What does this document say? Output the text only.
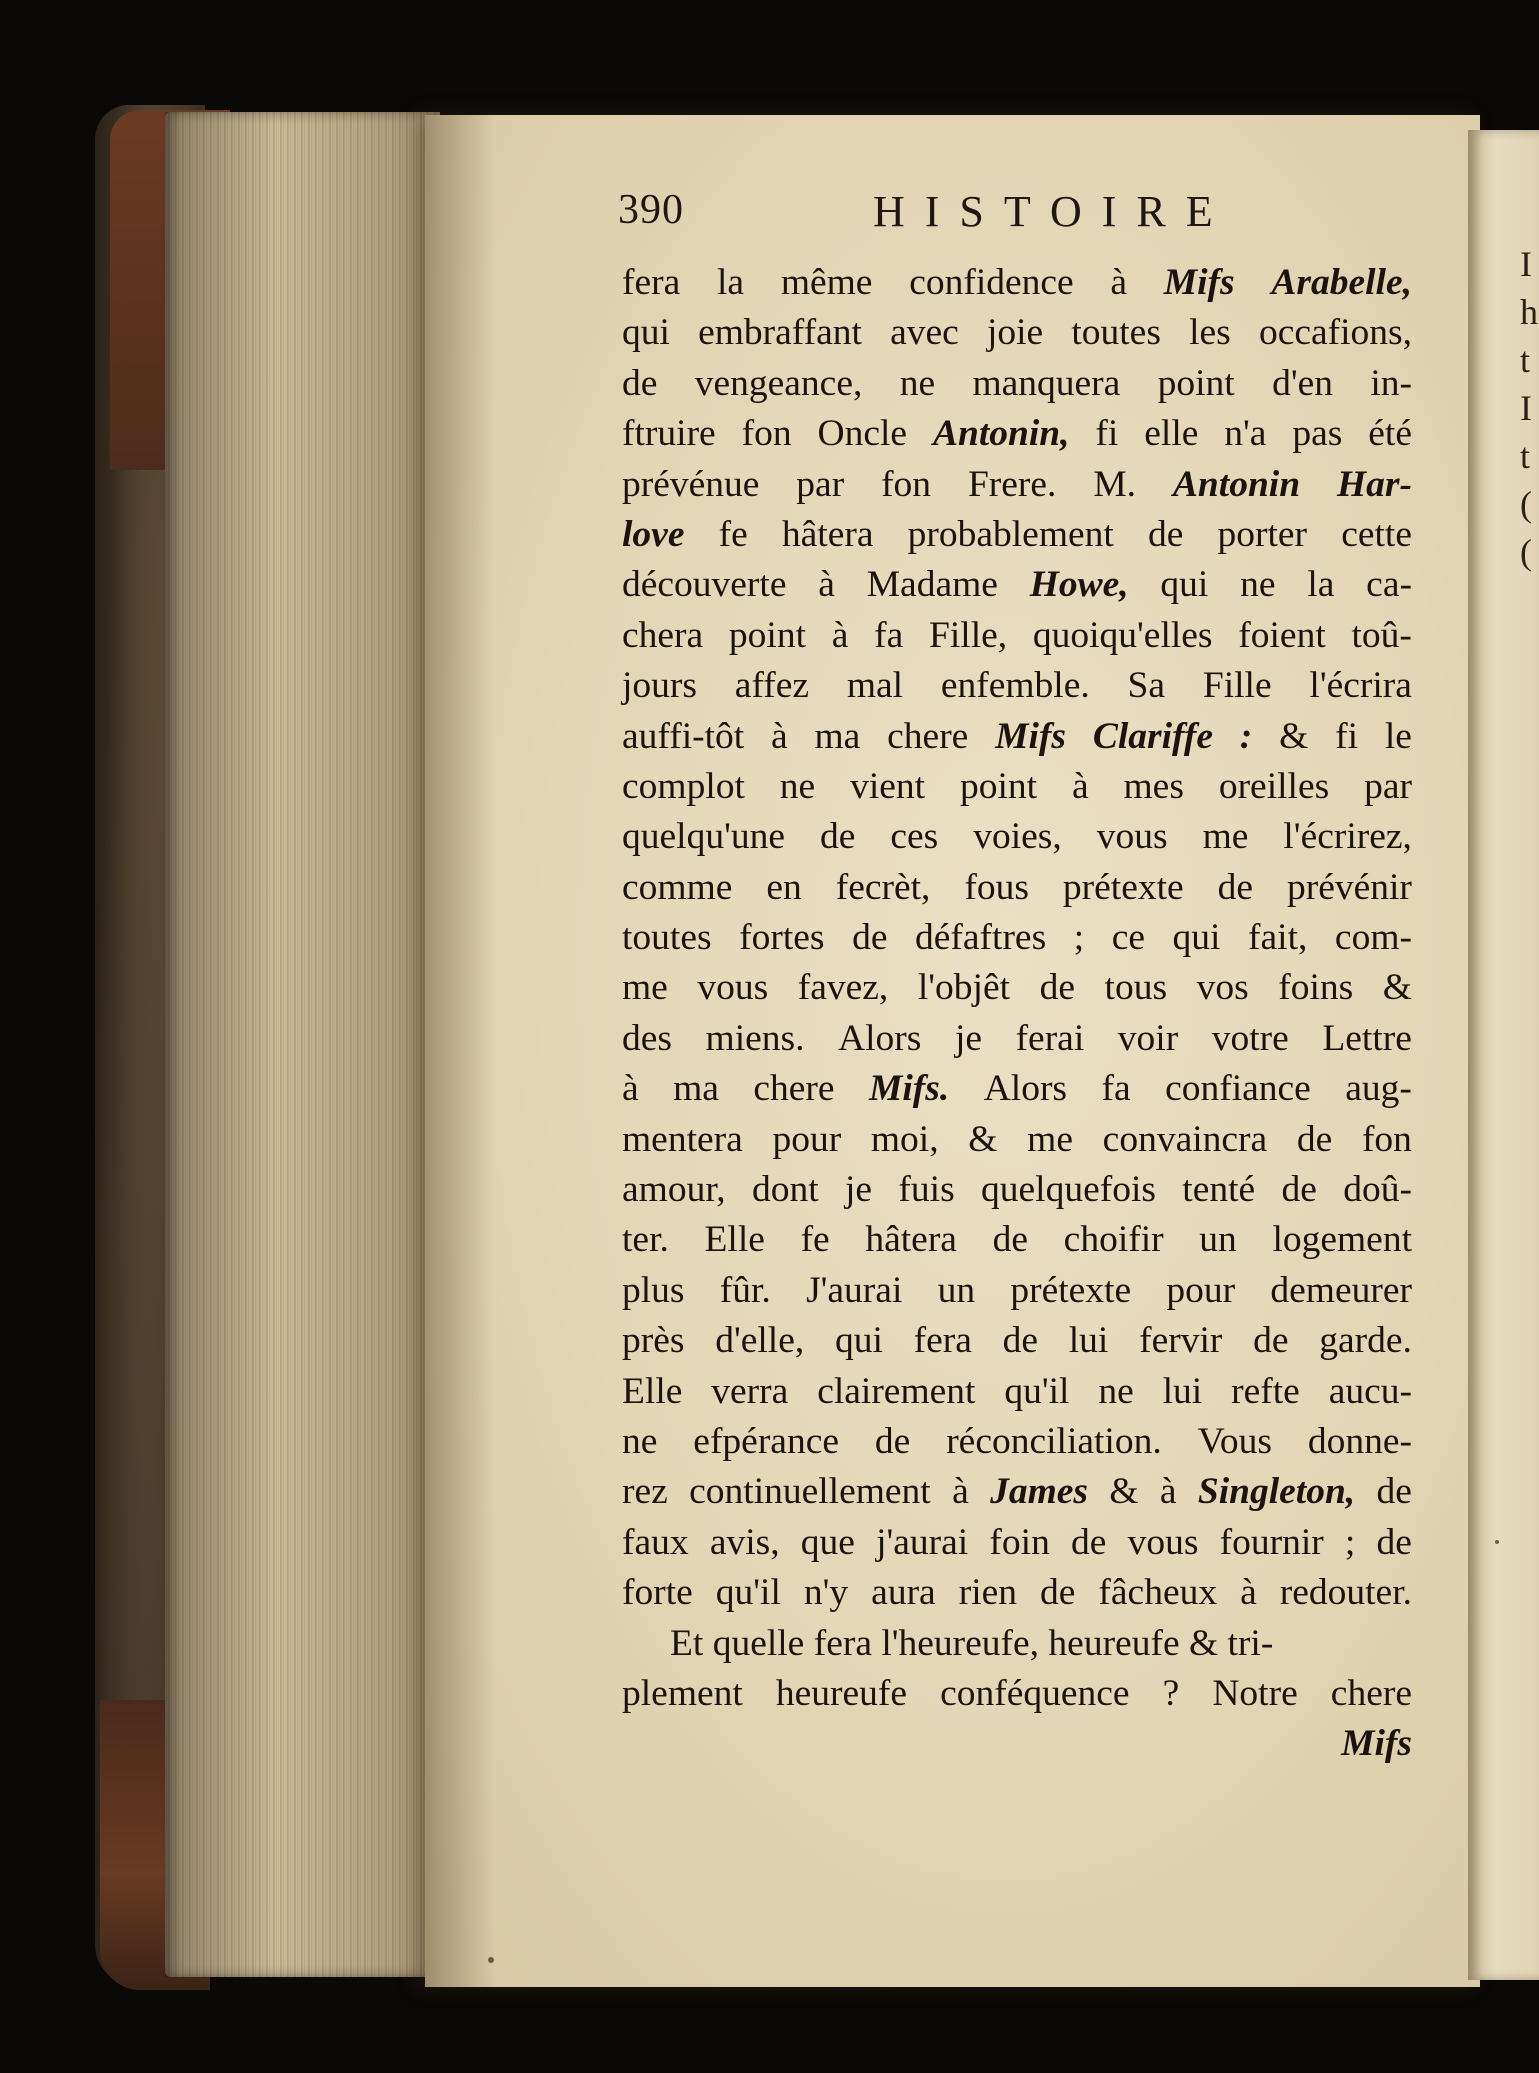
I
h
t
I
t
(
(
390	HISTOIRE
fera la même confidence à Mifs Arabelle,
qui embraffant avec joie toutes les occafions,
de vengeance, ne manquera point d'en in-
ftruire fon Oncle Antonin, fi elle n'a pas été
prévénue par fon Frere. M. Antonin Har-
love fe hâtera probablement de porter cette
découverte à Madame Howe, qui ne la ca-
chera point à fa Fille, quoiqu'elles foient toû-
jours affez mal enfemble. Sa Fille l'écrira
auffi-tôt à ma chere Mifs Clariffe : & fi le
complot ne vient point à mes oreilles par
quelqu'une de ces voies, vous me l'écrirez,
comme en fecrèt, fous prétexte de prévénir
toutes fortes de défaftres ; ce qui fait, com-
me vous favez, l'objêt de tous vos foins &
des miens. Alors je ferai voir votre Lettre
à ma chere Mifs. Alors fa confiance aug-
mentera pour moi, & me convaincra de fon
amour, dont je fuis quelquefois tenté de doû-
ter. Elle fe hâtera de choifir un logement
plus fûr. J'aurai un prétexte pour demeurer
près d'elle, qui fera de lui fervir de garde.
Elle verra clairement qu'il ne lui refte aucu-
ne efpérance de réconciliation. Vous donne-
rez continuellement à James & à Singleton, de
faux avis, que j'aurai foin de vous fournir ; de
forte qu'il n'y aura rien de fâcheux à redouter.
Et quelle fera l'heureufe, heureufe & tri-
plement heureufe conféquence ? Notre chere
Mifs
